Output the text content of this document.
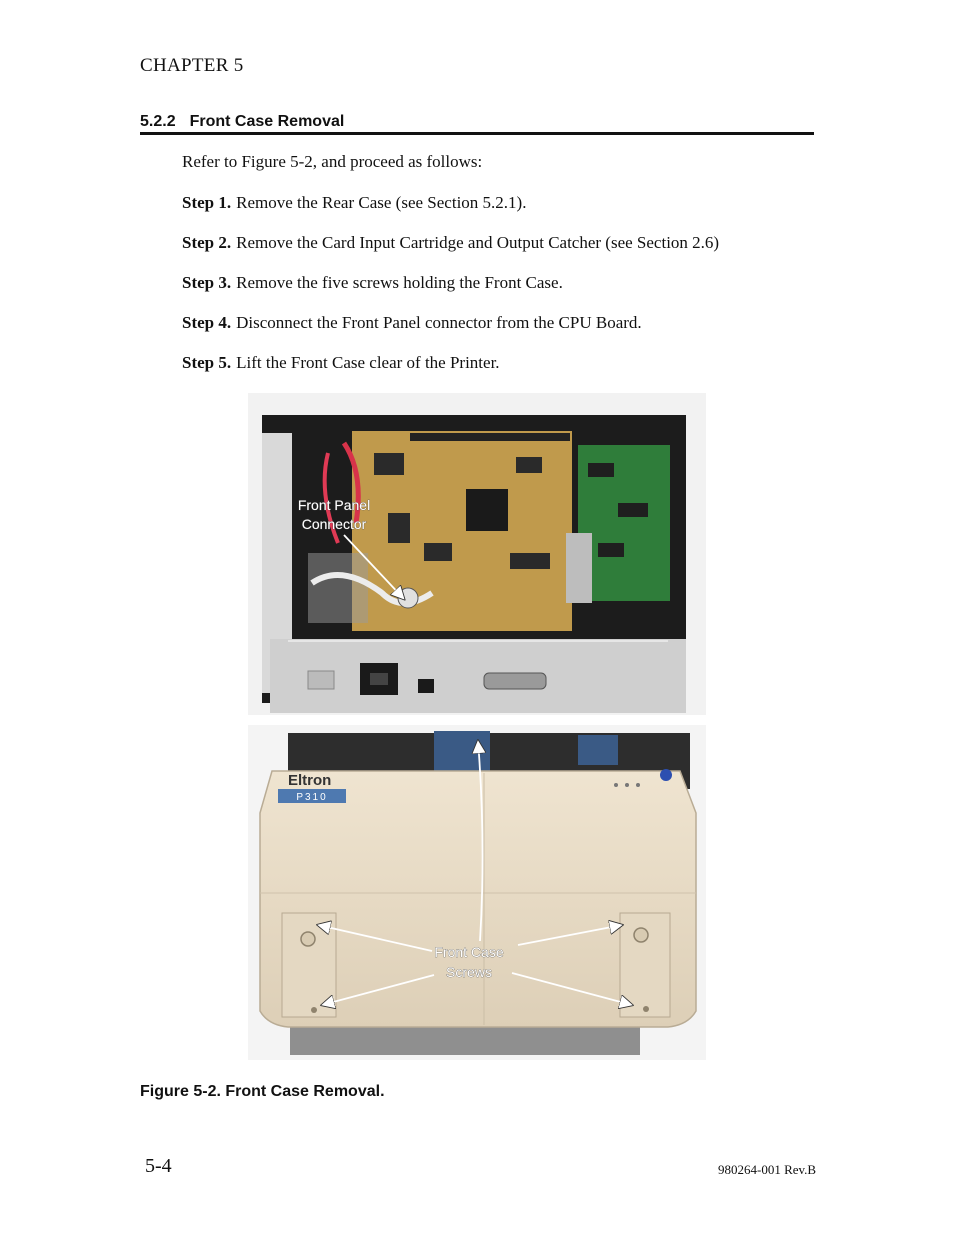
CHAPTER 5
5.2.2 Front Case Removal
Refer to Figure 5-2, and proceed as follows:
Step 1. Remove the Rear Case (see Section 5.2.1).
Step 2. Remove the Card Input Cartridge and Output Catcher (see Section 2.6)
Step 3. Remove the five screws holding the Front Case.
Step 4. Disconnect the Front Panel connector from the CPU Board.
Step 5. Lift the Front Case clear of the Printer.
Front Panel
Connector
Eltron
P310
Front Case
Screws
Figure 5-2. Front Case Removal.
5-4	980264-001 Rev.B
